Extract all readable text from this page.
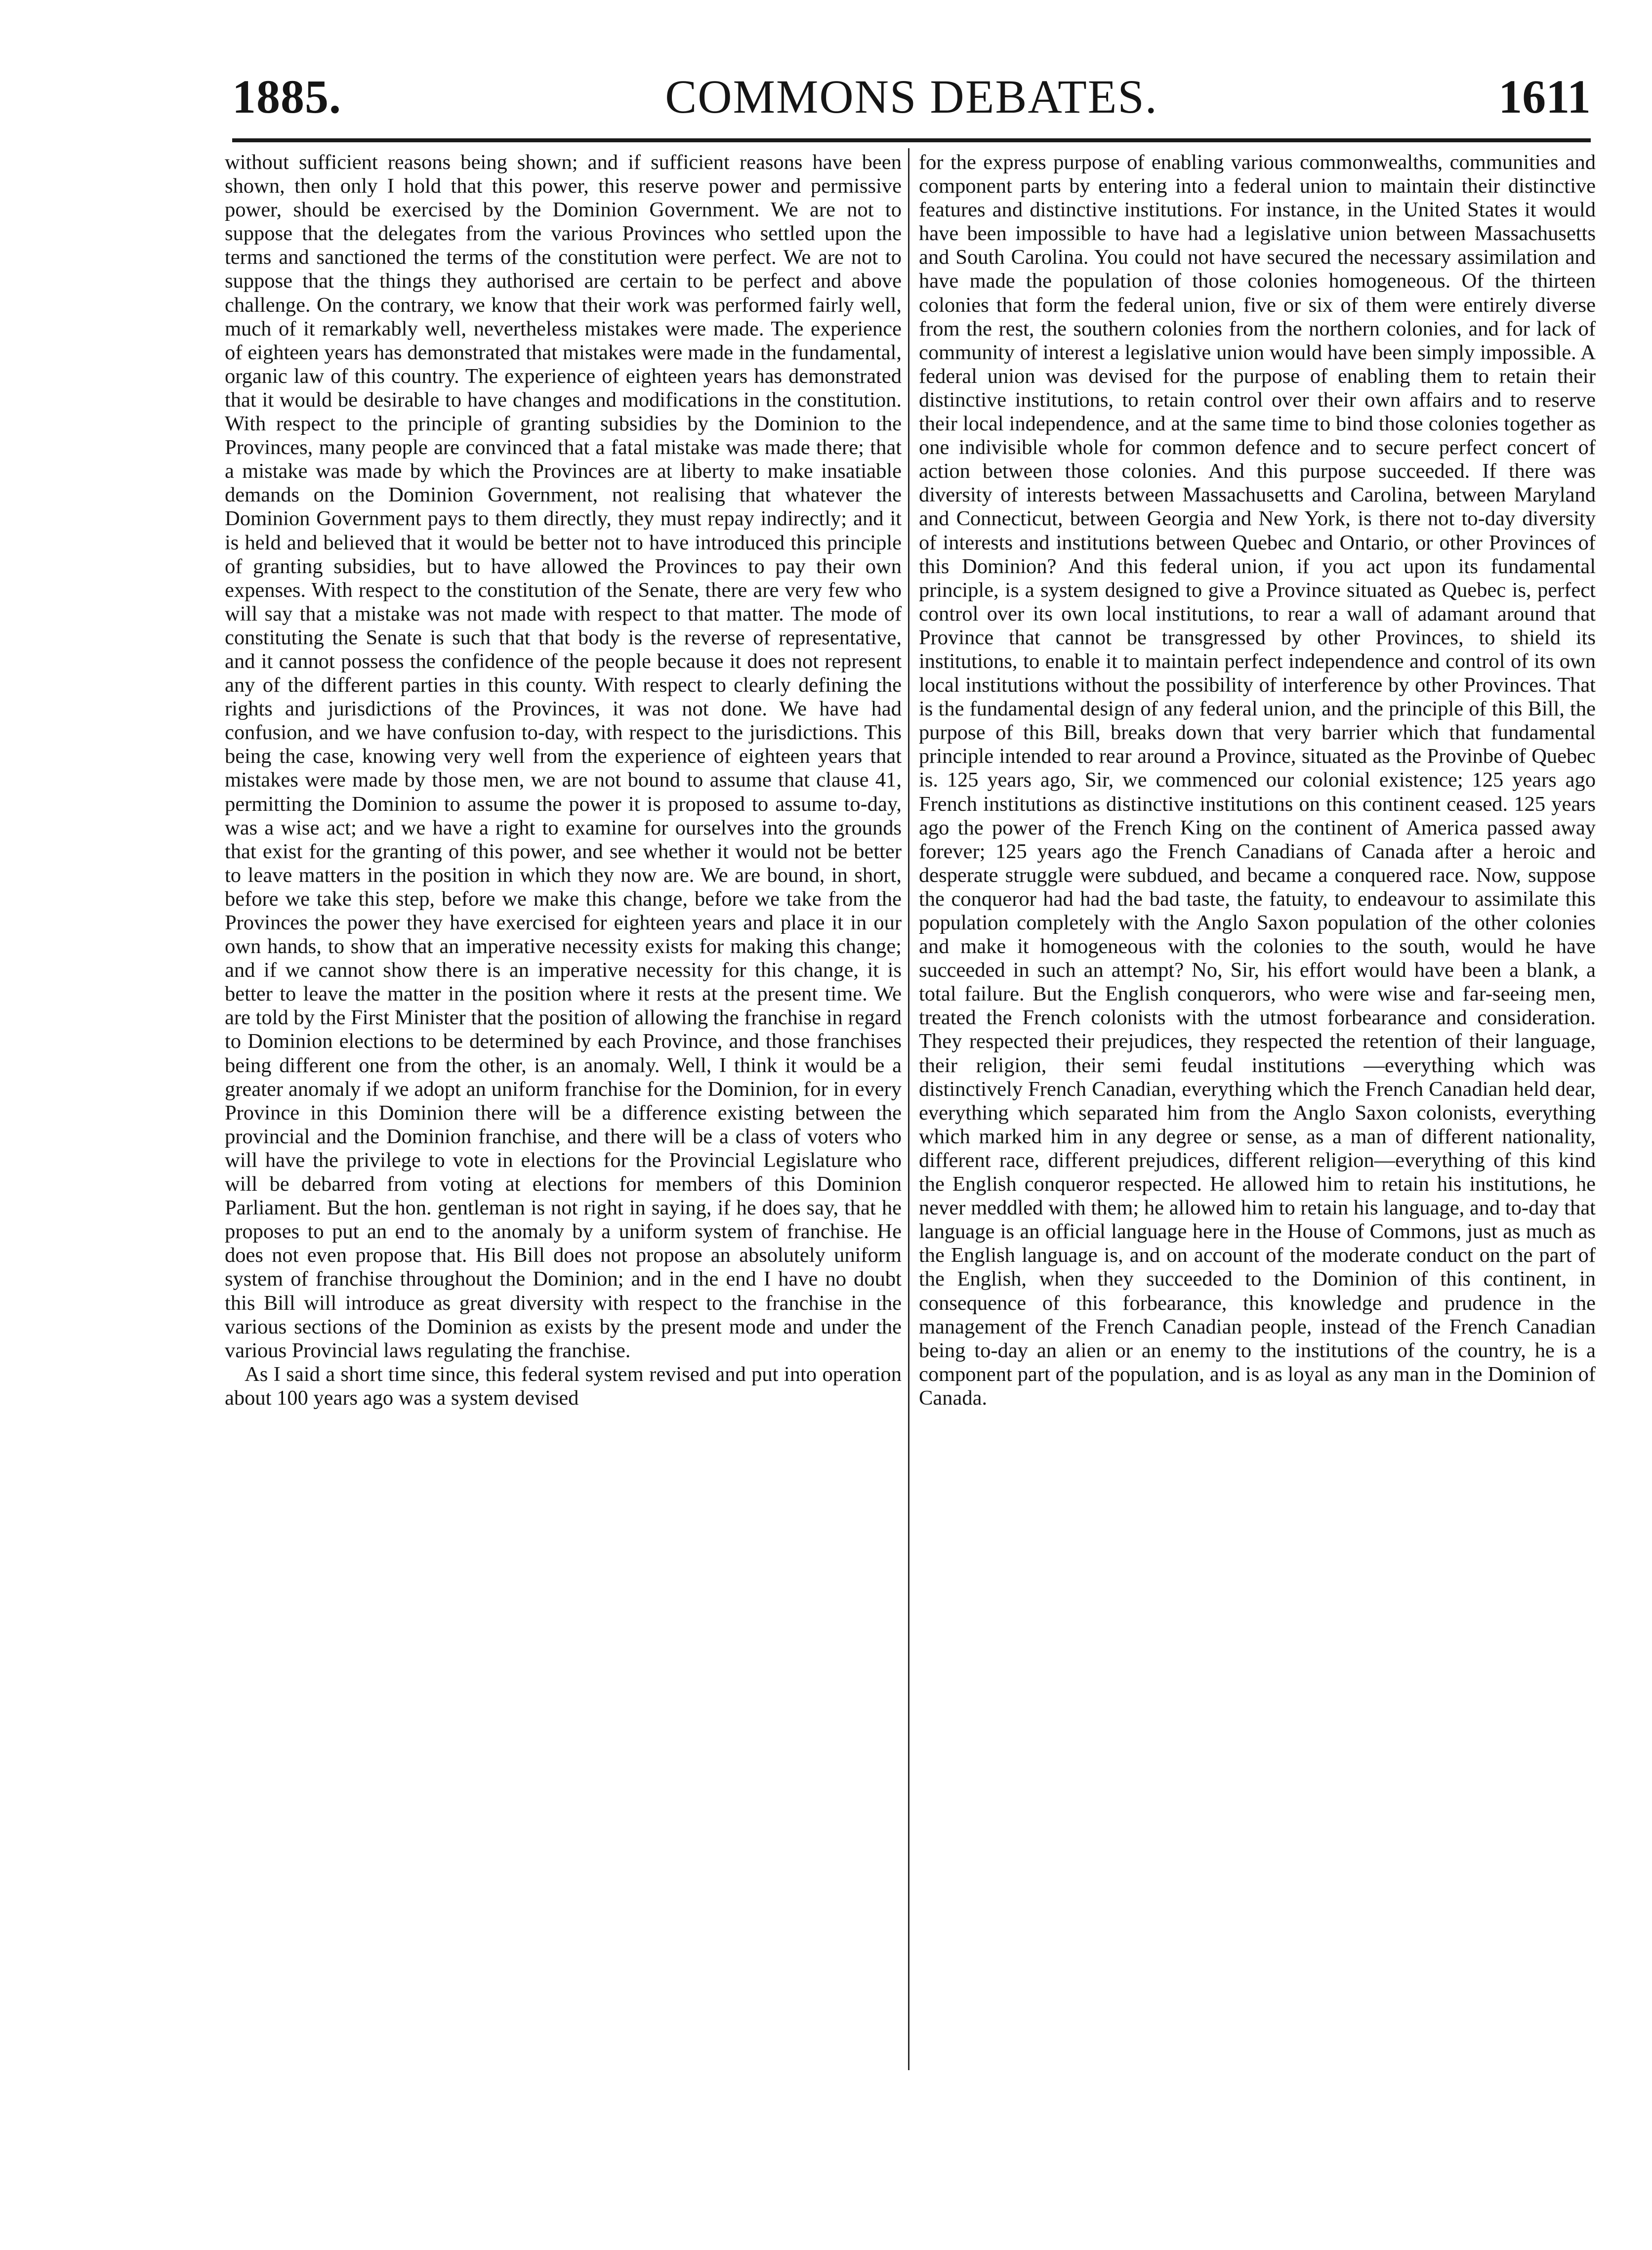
1885.	COMMONS DEBATES.	1611

without sufficient reasons being shown; and if sufficient reasons have been shown, then only I hold that this power, this reserve power and permissive power, should be exercised by the Dominion Government. We are not to suppose that the delegates from the various Provinces who settled upon the terms and sanctioned the terms of the constitution were perfect. We are not to suppose that the things they authorised are certain to be perfect and above challenge. On the contrary, we know that their work was performed fairly well, much of it remarkably well, nevertheless mistakes were made. The experience of eighteen years has demonstrated that mistakes were made in the fundamental, organic law of this country. The experience of eighteen years has demonstrated that it would be desirable to have changes and modifications in the constitution. With respect to the principle of granting subsidies by the Dominion to the Provinces, many people are convinced that a fatal mistake was made there; that a mistake was made by which the Provinces are at liberty to make insatiable demands on the Dominion Government, not realising that whatever the Dominion Government pays to them directly, they must repay indirectly; and it is held and believed that it would be better not to have introduced this principle of granting subsidies, but to have allowed the Provinces to pay their own expenses. With respect to the constitution of the Senate, there are very few who will say that a mistake was not made with respect to that matter. The mode of constituting the Senate is such that that body is the reverse of representative, and it cannot possess the confidence of the people because it does not represent any of the different parties in this county. With respect to clearly defining the rights and jurisdictions of the Provinces, it was not done. We have had confusion, and we have confusion to-day, with respect to the jurisdictions. This being the case, knowing very well from the experience of eighteen years that mistakes were made by those men, we are not bound to assume that clause 41, permitting the Dominion to assume the power it is proposed to assume to-day, was a wise act; and we have a right to examine for ourselves into the grounds that exist for the granting of this power, and see whether it would not be better to leave matters in the position in which they now are. We are bound, in short, before we take this step, before we make this change, before we take from the Provinces the power they have exercised for eighteen years and place it in our own hands, to show that an imperative necessity exists for making this change; and if we cannot show there is an imperative necessity for this change, it is better to leave the matter in the position where it rests at the present time. We are told by the First Minister that the position of allowing the franchise in regard to Dominion elections to be determined by each Province, and those franchises being different one from the other, is an anomaly. Well, I think it would be a greater anomaly if we adopt an uniform franchise for the Dominion, for in every Province in this Dominion there will be a difference existing between the provincial and the Dominion franchise, and there will be a class of voters who will have the privilege to vote in elections for the Provincial Legislature who will be debarred from voting at elections for members of this Dominion Parliament. But the hon. gentleman is not right in saying, if he does say, that he proposes to put an end to the anomaly by a uniform system of franchise. He does not even propose that. His Bill does not propose an absolutely uniform system of franchise throughout the Dominion; and in the end I have no doubt this Bill will introduce as great diversity with respect to the franchise in the various sections of the Dominion as exists by the present mode and under the various Provincial laws regulating the franchise.

As I said a short time since, this federal system revised and put into operation about 100 years ago was a system devised

for the express purpose of enabling various commonwealths, communities and component parts by entering into a federal union to maintain their distinctive features and distinctive institutions. For instance, in the United States it would have been impossible to have had a legislative union between Massachusetts and South Carolina. You could not have secured the necessary assimilation and have made the population of those colonies homogeneous. Of the thirteen colonies that form the federal union, five or six of them were entirely diverse from the rest, the southern colonies from the northern colonies, and for lack of community of interest a legislative union would have been simply impossible. A federal union was devised for the purpose of enabling them to retain their distinctive institutions, to retain control over their own affairs and to reserve their local independence, and at the same time to bind those colonies together as one indivisible whole for common defence and to secure perfect concert of action between those colonies. And this purpose succeeded. If there was diversity of interests between Massachusetts and Carolina, between Maryland and Connecticut, between Georgia and New York, is there not to-day diversity of interests and institutions between Quebec and Ontario, or other Provinces of this Dominion? And this federal union, if you act upon its fundamental principle, is a system designed to give a Province situated as Quebec is, perfect control over its own local institutions, to rear a wall of adamant around that Province that cannot be transgressed by other Provinces, to shield its institutions, to enable it to maintain perfect independence and control of its own local institutions without the possibility of interference by other Provinces. That is the fundamental design of any federal union, and the principle of this Bill, the purpose of this Bill, breaks down that very barrier which that fundamental principle intended to rear around a Province, situated as the Provinbe of Quebec is. 125 years ago, Sir, we commenced our colonial existence; 125 years ago French institutions as distinctive institutions on this continent ceased. 125 years ago the power of the French King on the continent of America passed away forever; 125 years ago the French Canadians of Canada after a heroic and desperate struggle were subdued, and became a conquered race. Now, suppose the conqueror had had the bad taste, the fatuity, to endeavour to assimilate this population completely with the Anglo Saxon population of the other colonies and make it homogeneous with the colonies to the south, would he have succeeded in such an attempt? No, Sir, his effort would have been a blank, a total failure. But the English conquerors, who were wise and far-seeing men, treated the French colonists with the utmost forbearance and consideration. They respected their prejudices, they respected the retention of their language, their religion, their semi feudal institutions —everything which was distinctively French Canadian, everything which the French Canadian held dear, everything which separated him from the Anglo Saxon colonists, everything which marked him in any degree or sense, as a man of different nationality, different race, different prejudices, different religion—everything of this kind the English conqueror respected. He allowed him to retain his institutions, he never meddled with them; he allowed him to retain his language, and to-day that language is an official language here in the House of Commons, just as much as the English language is, and on account of the moderate conduct on the part of the English, when they succeeded to the Dominion of this continent, in consequence of this forbearance, this knowledge and prudence in the management of the French Canadian people, instead of the French Canadian being to-day an alien or an enemy to the institutions of the country, he is a component part of the population, and is as loyal as any man in the Dominion of Canada.
